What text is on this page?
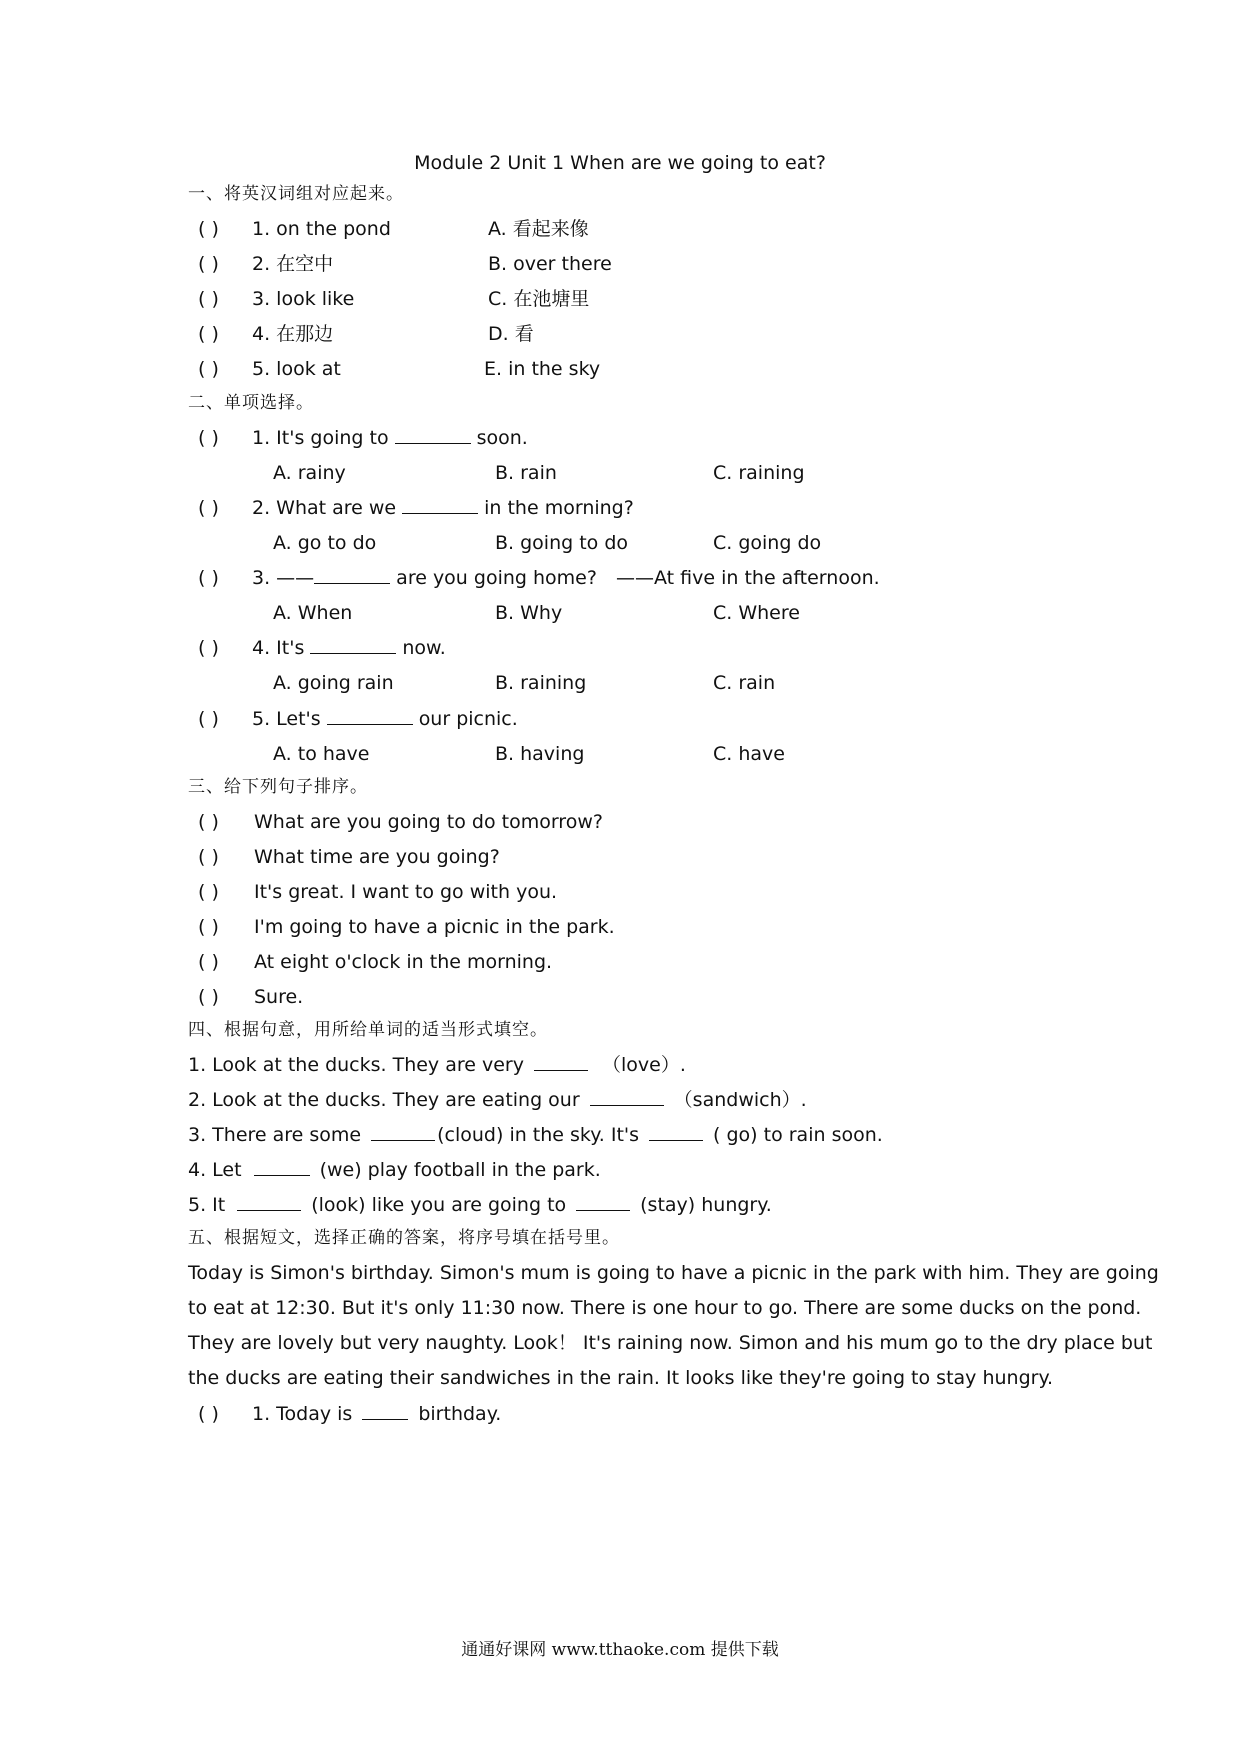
Module 2 Unit 1 When are we going to eat?
一、将英汉词组对应起来。
( ) 1. on the pond	A. 看起来像
( ) 2. 在空中	B. over there
( ) 3. look like	C. 在池塘里
( ) 4. 在那边	D. 看
( ) 5. look at	E. in the sky
二、单项选择。
( ) 1. It's going to	soon.
A. rainy	B. rain	C. raining
( ) 2. What are we	in the morning?
A. go to do	B. going to do	C. going do
( ) 3. ——	are you going home? ——At five in the afternoon.
A. When	B. Why	C. Where
( ) 4. It's	now.
A. going rain	B. raining	C. rain
( ) 5. Let's	our picnic.
A. to have	B. having	C. have
三、给下列句子排序。
( ) What are you going to do tomorrow?
( ) What time are you going?
( ) It's great. I want to go with you.
( ) I'm going to have a picnic in the park.
( ) At eight o'clock in the morning.
( ) Sure.
四、根据句意，用所给单词的适当形式填空。
1. Look at the ducks. They are very	（love）.
2. Look at the ducks. They are eating our	（sandwich）.
3. There are some	(cloud) in the sky. It's	( go) to rain soon.
4. Let	(we) play football in the park.
5. It	(look) like you are going to	(stay) hungry.
五、根据短文，选择正确的答案，将序号填在括号里。
Today is Simon's birthday. Simon's mum is going to have a picnic in the park with him. They are going
to eat at 12:30. But it's only 11:30 now. There is one hour to go. There are some ducks on the pond.
They are lovely but very naughty. Look！ It's raining now. Simon and his mum go to the dry place but
the ducks are eating their sandwiches in the rain. It looks like they're going to stay hungry.
( ) 1. Today is	birthday.
通通好课网 www.tthaoke.com 提供下载
